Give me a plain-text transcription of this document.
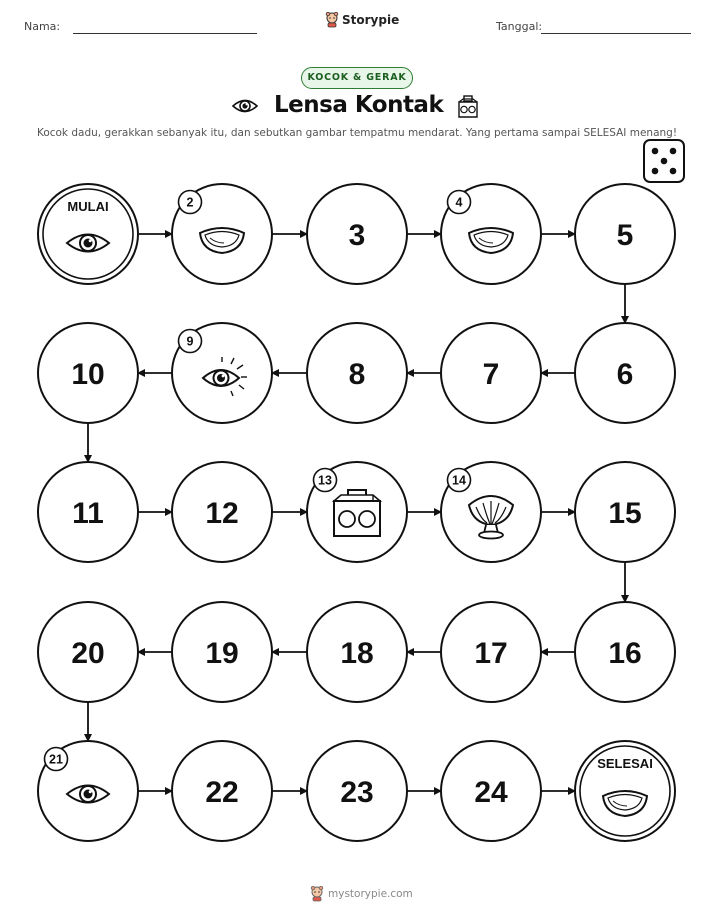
Nama:	Storypie	Tanggal:
KOCOK & GERAK
Lensa Kontak
Kocok dadu, gerakkan sebanyak itu, dan sebutkan gambar tempatmu mendarat. Yang pertama sampai SELESAI menang!
MULAI	2
3
4
5
6
7
8
9
10
11	12
13	14
15
16
17
18
19
20
21
22	23	24
SELESAI
mystorypie.com
